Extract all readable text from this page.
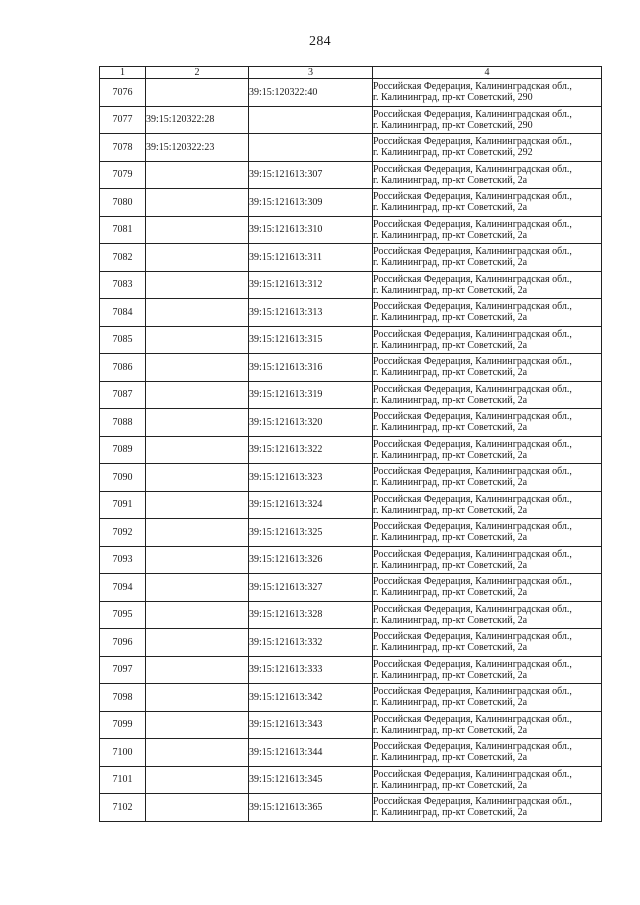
284
1	2	3	4
7076		39:15:120322:40	Российская Федерация, Калининградская обл.,
г. Калининград, пр-кт Советский, 290

7077	39:15:120322:28		Российская Федерация, Калининградская обл.,
г. Калининград, пр-кт Советский, 290

7078	39:15:120322:23		Российская Федерация, Калининградская обл.,
г. Калининград, пр-кт Советский, 292

7079		39:15:121613:307	Российская Федерация, Калининградская обл.,
г. Калининград, пр-кт Советский, 2а

7080		39:15:121613:309	Российская Федерация, Калининградская обл.,
г. Калининград, пр-кт Советский, 2а

7081		39:15:121613:310	Российская Федерация, Калининградская обл.,
г. Калининград, пр-кт Советский, 2а

7082		39:15:121613:311	Российская Федерация, Калининградская обл.,
г. Калининград, пр-кт Советский, 2а

7083		39:15:121613:312	Российская Федерация, Калининградская обл.,
г. Калининград, пр-кт Советский, 2а

7084		39:15:121613:313	Российская Федерация, Калининградская обл.,
г. Калининград, пр-кт Советский, 2а

7085		39:15:121613:315	Российская Федерация, Калининградская обл.,
г. Калининград, пр-кт Советский, 2а

7086		39:15:121613:316	Российская Федерация, Калининградская обл.,
г. Калининград, пр-кт Советский, 2а

7087		39:15:121613:319	Российская Федерация, Калининградская обл.,
г. Калининград, пр-кт Советский, 2а

7088		39:15:121613:320	Российская Федерация, Калининградская обл.,
г. Калининград, пр-кт Советский, 2а

7089		39:15:121613:322	Российская Федерация, Калининградская обл.,
г. Калининград, пр-кт Советский, 2а

7090		39:15:121613:323	Российская Федерация, Калининградская обл.,
г. Калининград, пр-кт Советский, 2а

7091		39:15:121613:324	Российская Федерация, Калининградская обл.,
г. Калининград, пр-кт Советский, 2а

7092		39:15:121613:325	Российская Федерация, Калининградская обл.,
г. Калининград, пр-кт Советский, 2а

7093		39:15:121613:326	Российская Федерация, Калининградская обл.,
г. Калининград, пр-кт Советский, 2а

7094		39:15:121613:327	Российская Федерация, Калининградская обл.,
г. Калининград, пр-кт Советский, 2а

7095		39:15:121613:328	Российская Федерация, Калининградская обл.,
г. Калининград, пр-кт Советский, 2а

7096		39:15:121613:332	Российская Федерация, Калининградская обл.,
г. Калининград, пр-кт Советский, 2а

7097		39:15:121613:333	Российская Федерация, Калининградская обл.,
г. Калининград, пр-кт Советский, 2а

7098		39:15:121613:342	Российская Федерация, Калининградская обл.,
г. Калининград, пр-кт Советский, 2а

7099		39:15:121613:343	Российская Федерация, Калининградская обл.,
г. Калининград, пр-кт Советский, 2а

7100		39:15:121613:344	Российская Федерация, Калининградская обл.,
г. Калининград, пр-кт Советский, 2а

7101		39:15:121613:345	Российская Федерация, Калининградская обл.,
г. Калининград, пр-кт Советский, 2а

7102		39:15:121613:365	Российская Федерация, Калининградская обл.,
г. Калининград, пр-кт Советский, 2а
